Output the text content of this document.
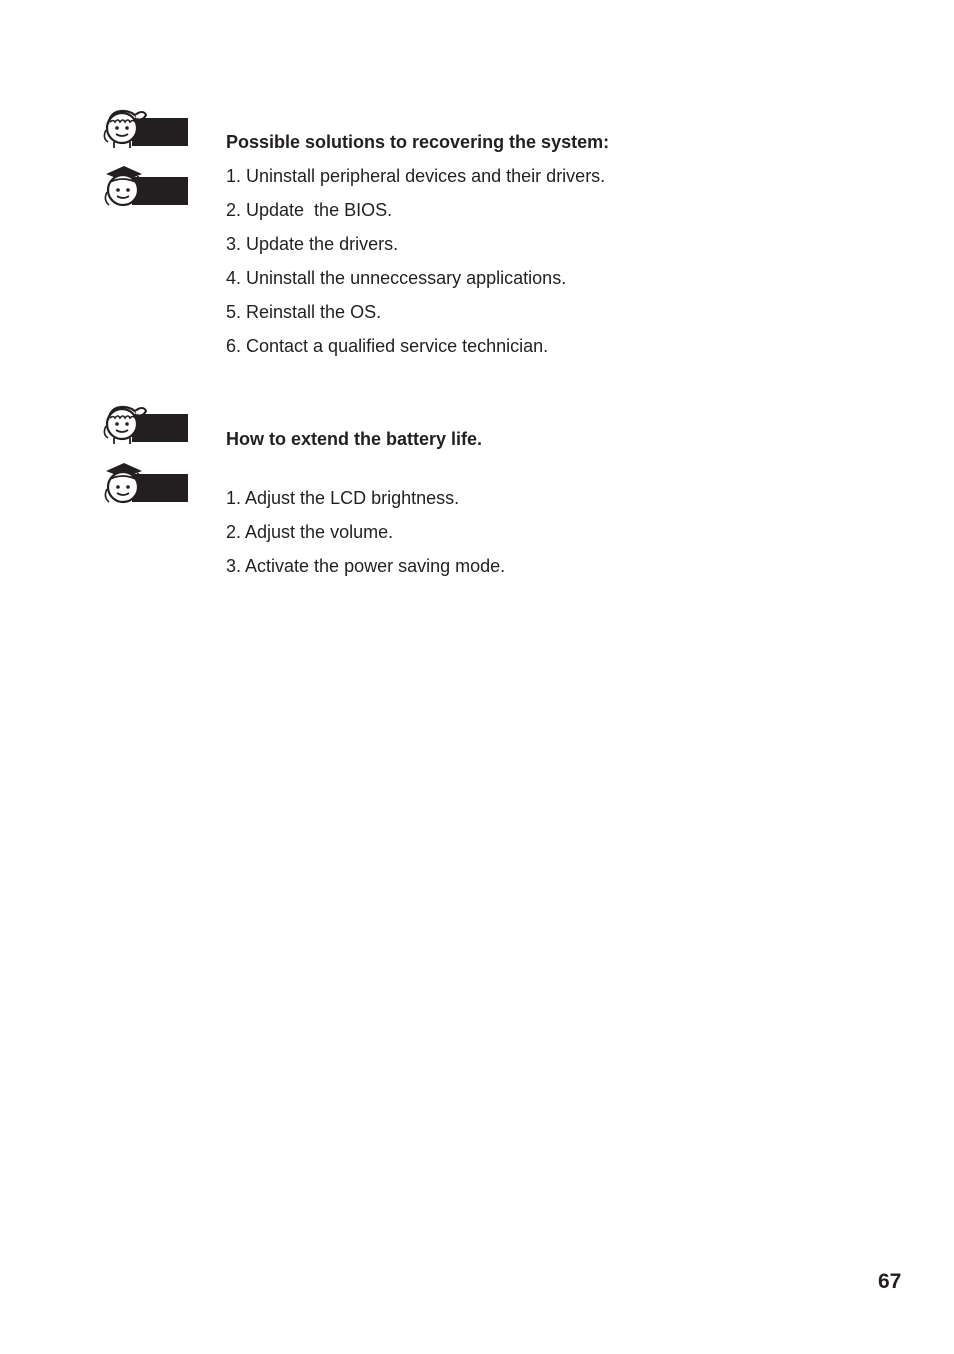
Possible solutions to recovering the system:
1. Uninstall peripheral devices and their drivers.
2. Update  the BIOS.
3. Update the drivers.
4. Uninstall the unneccessary applications.
5. Reinstall the OS.
6. Contact a qualified service technician.
How to extend the battery life.
1. Adjust the LCD brightness.
2. Adjust the volume.
3. Activate the power saving mode.
67
